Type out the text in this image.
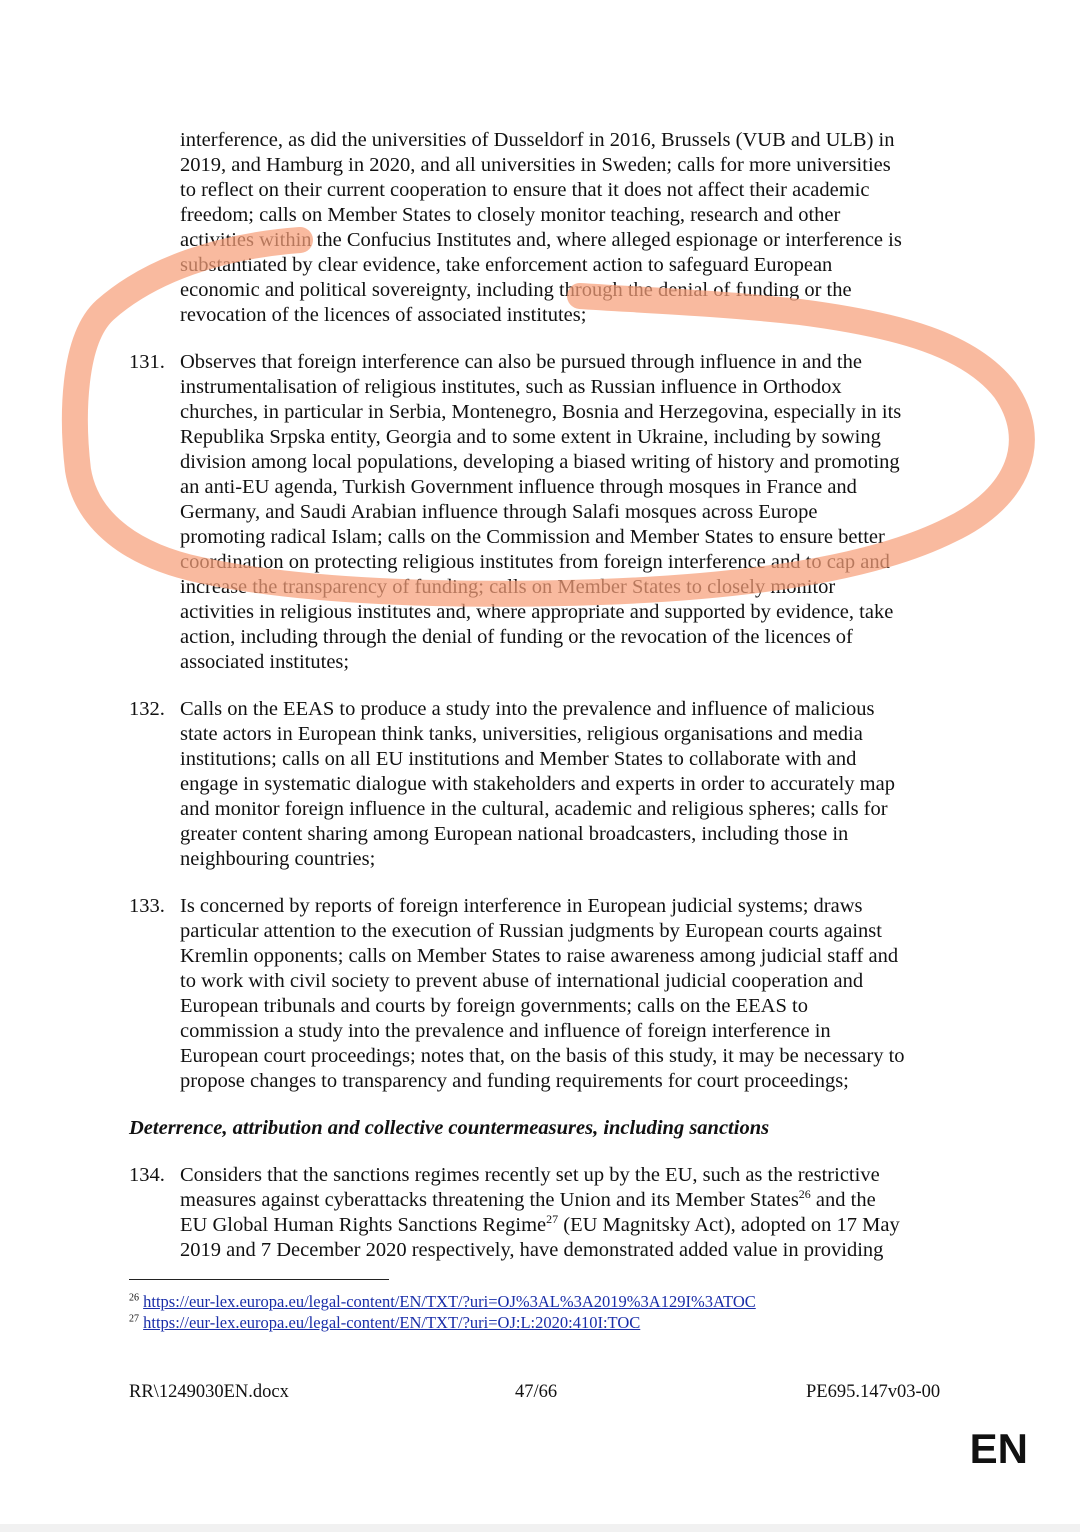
interference, as did the universities of Dusseldorf in 2016, Brussels (VUB and ULB) in

2019, and Hamburg in 2020, and all universities in Sweden; calls for more universities

to reflect on their current cooperation to ensure that it does not affect their academic

freedom; calls on Member States to closely monitor teaching, research and other

activities within the Confucius Institutes and, where alleged espionage or interference is

substantiated by clear evidence, take enforcement action to safeguard European

economic and political sovereignty, including through the denial of funding or the

revocation of the licences of associated institutes;

131. Observes that foreign interference can also be pursued through influence in and the

instrumentalisation of religious institutes, such as Russian influence in Orthodox

churches, in particular in Serbia, Montenegro, Bosnia and Herzegovina, especially in its

Republika Srpska entity, Georgia and to some extent in Ukraine, including by sowing

division among local populations, developing a biased writing of history and promoting

an anti-EU agenda, Turkish Government influence through mosques in France and

Germany, and Saudi Arabian influence through Salafi mosques across Europe

promoting radical Islam; calls on the Commission and Member States to ensure better

coordination on protecting religious institutes from foreign interference and to cap and

increase the transparency of funding; calls on Member States to closely monitor

activities in religious institutes and, where appropriate and supported by evidence, take

action, including through the denial of funding or the revocation of the licences of

associated institutes;

132. Calls on the EEAS to produce a study into the prevalence and influence of malicious

state actors in European think tanks, universities, religious organisations and media

institutions; calls on all EU institutions and Member States to collaborate with and

engage in systematic dialogue with stakeholders and experts in order to accurately map

and monitor foreign influence in the cultural, academic and religious spheres; calls for

greater content sharing among European national broadcasters, including those in

neighbouring countries;

133. Is concerned by reports of foreign interference in European judicial systems; draws

particular attention to the execution of Russian judgments by European courts against

Kremlin opponents; calls on Member States to raise awareness among judicial staff and

to work with civil society to prevent abuse of international judicial cooperation and

European tribunals and courts by foreign governments; calls on the EEAS to

commission a study into the prevalence and influence of foreign interference in

European court proceedings; notes that, on the basis of this study, it may be necessary to

propose changes to transparency and funding requirements for court proceedings;

Deterrence, attribution and collective countermeasures, including sanctions
134. Considers that the sanctions regimes recently set up by the EU, such as the restrictive

measures against cyberattacks threatening the Union and its Member States$^{26}$ and the

EU Global Human Rights Sanctions Regime$^{27}$ (EU Magnitsky Act), adopted on 17 May

2019 and 7 December 2020 respectively, have demonstrated added value in providing

$^{26}$ https://eur-lex.europa.eu/legal-content/EN/TXT/?uri=OJ%3AL%3A2019%3A129I%3ATOC
$^{27}$ https://eur-lex.europa.eu/legal-content/EN/TXT/?uri=OJ:L:2020:410I:TOC
RR\1249030EN.docx	47/66	PE695.147v03-00
EN
